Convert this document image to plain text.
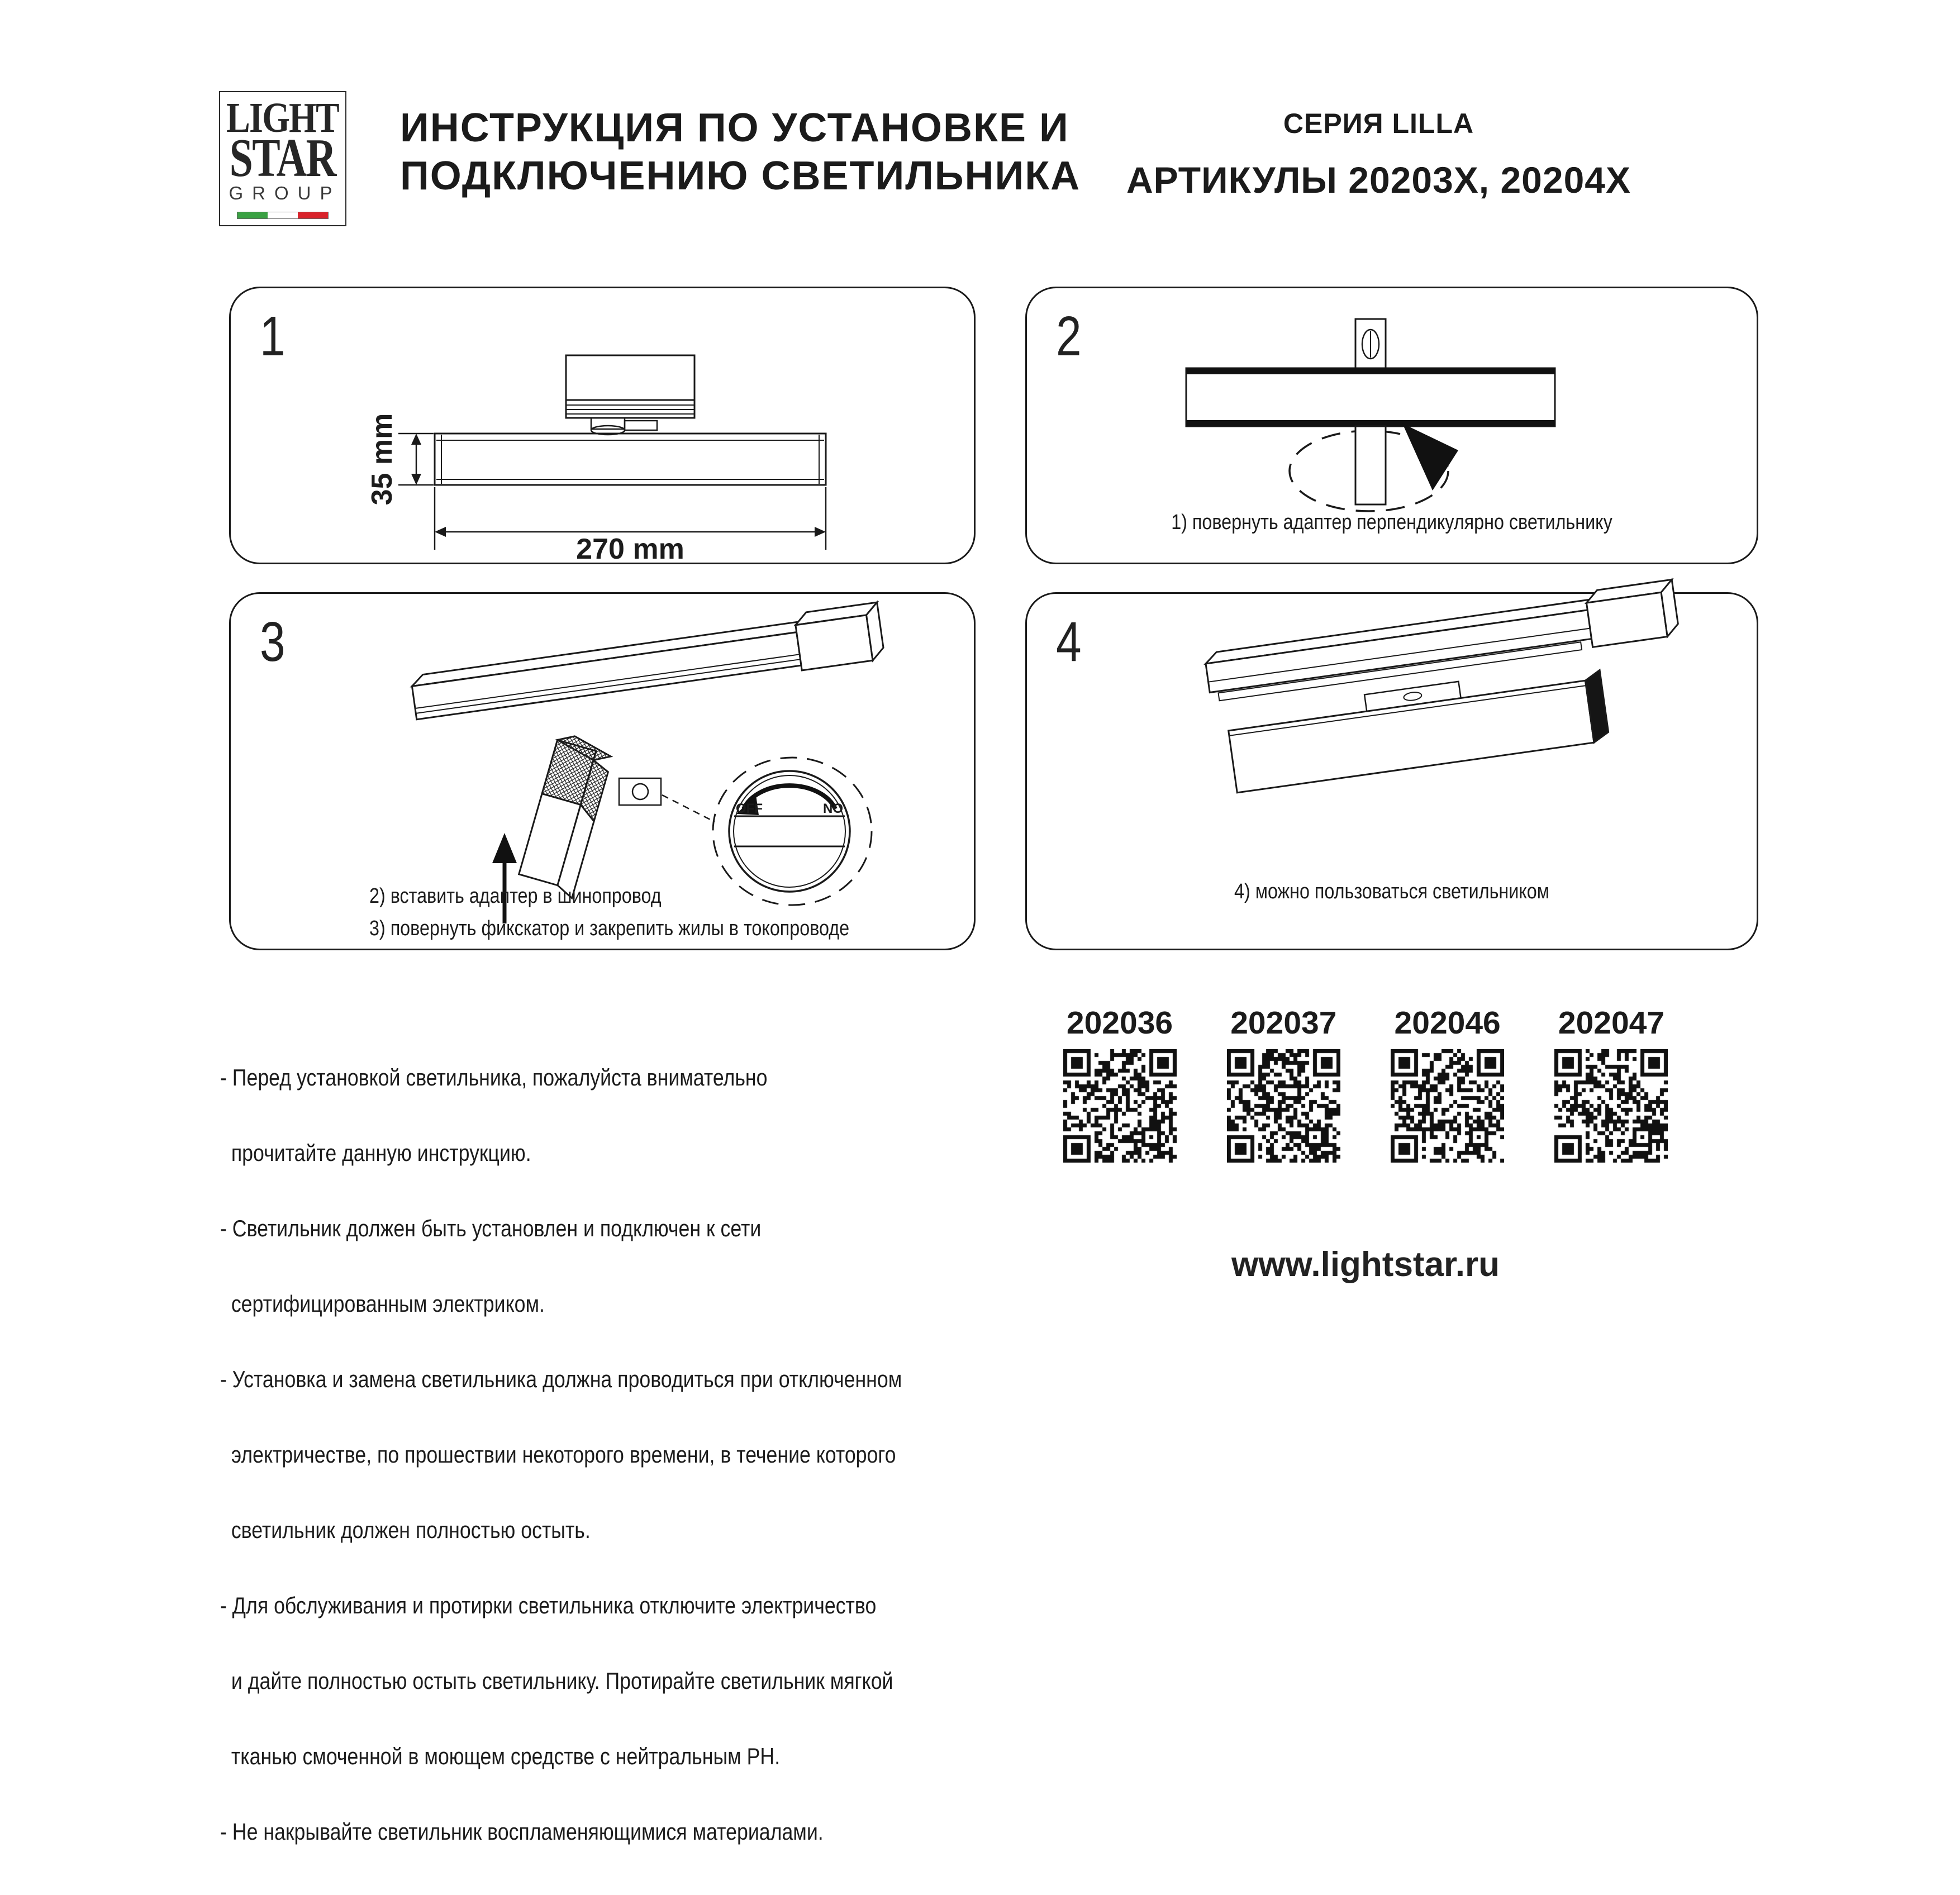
LIGHT
STAR
GROUP
ИНСТРУКЦИЯ ПО УСТАНОВКЕ И
ПОДКЛЮЧЕНИЮ СВЕТИЛЬНИКА
СЕРИЯ LILLA
АРТИКУЛЫ 20203X, 20204X
1
35 mm
270 mm
2
1) повернуть адаптер перпендикулярно светильнику
3
OFF	NO
2) вставить адаптер в шинопровод
3) повернуть фикскатор и закрепить жилы в токопроводе
4
4) можно пользоваться светильником

- Перед установкой светильника, пожалуйста внимательно

прочитайте данную инструкцию.

- Светильник должен быть установлен и подключен к сети

сертифицированным электриком.

- Установка и замена светильника должна проводиться при отключенном

электричестве, по прошествии некоторого времени, в течение которого

светильник должен полностью остыть.

- Для обслуживания и протирки светильника отключите электричество

и дайте полностью остыть светильнику. Протирайте светильник мягкой

тканью смоченной в моющем средстве с нейтральным PH.

- Не накрывайте светильник воспламеняющимися материалами.

202036 202037 202046 202047
www.lightstar.ru
